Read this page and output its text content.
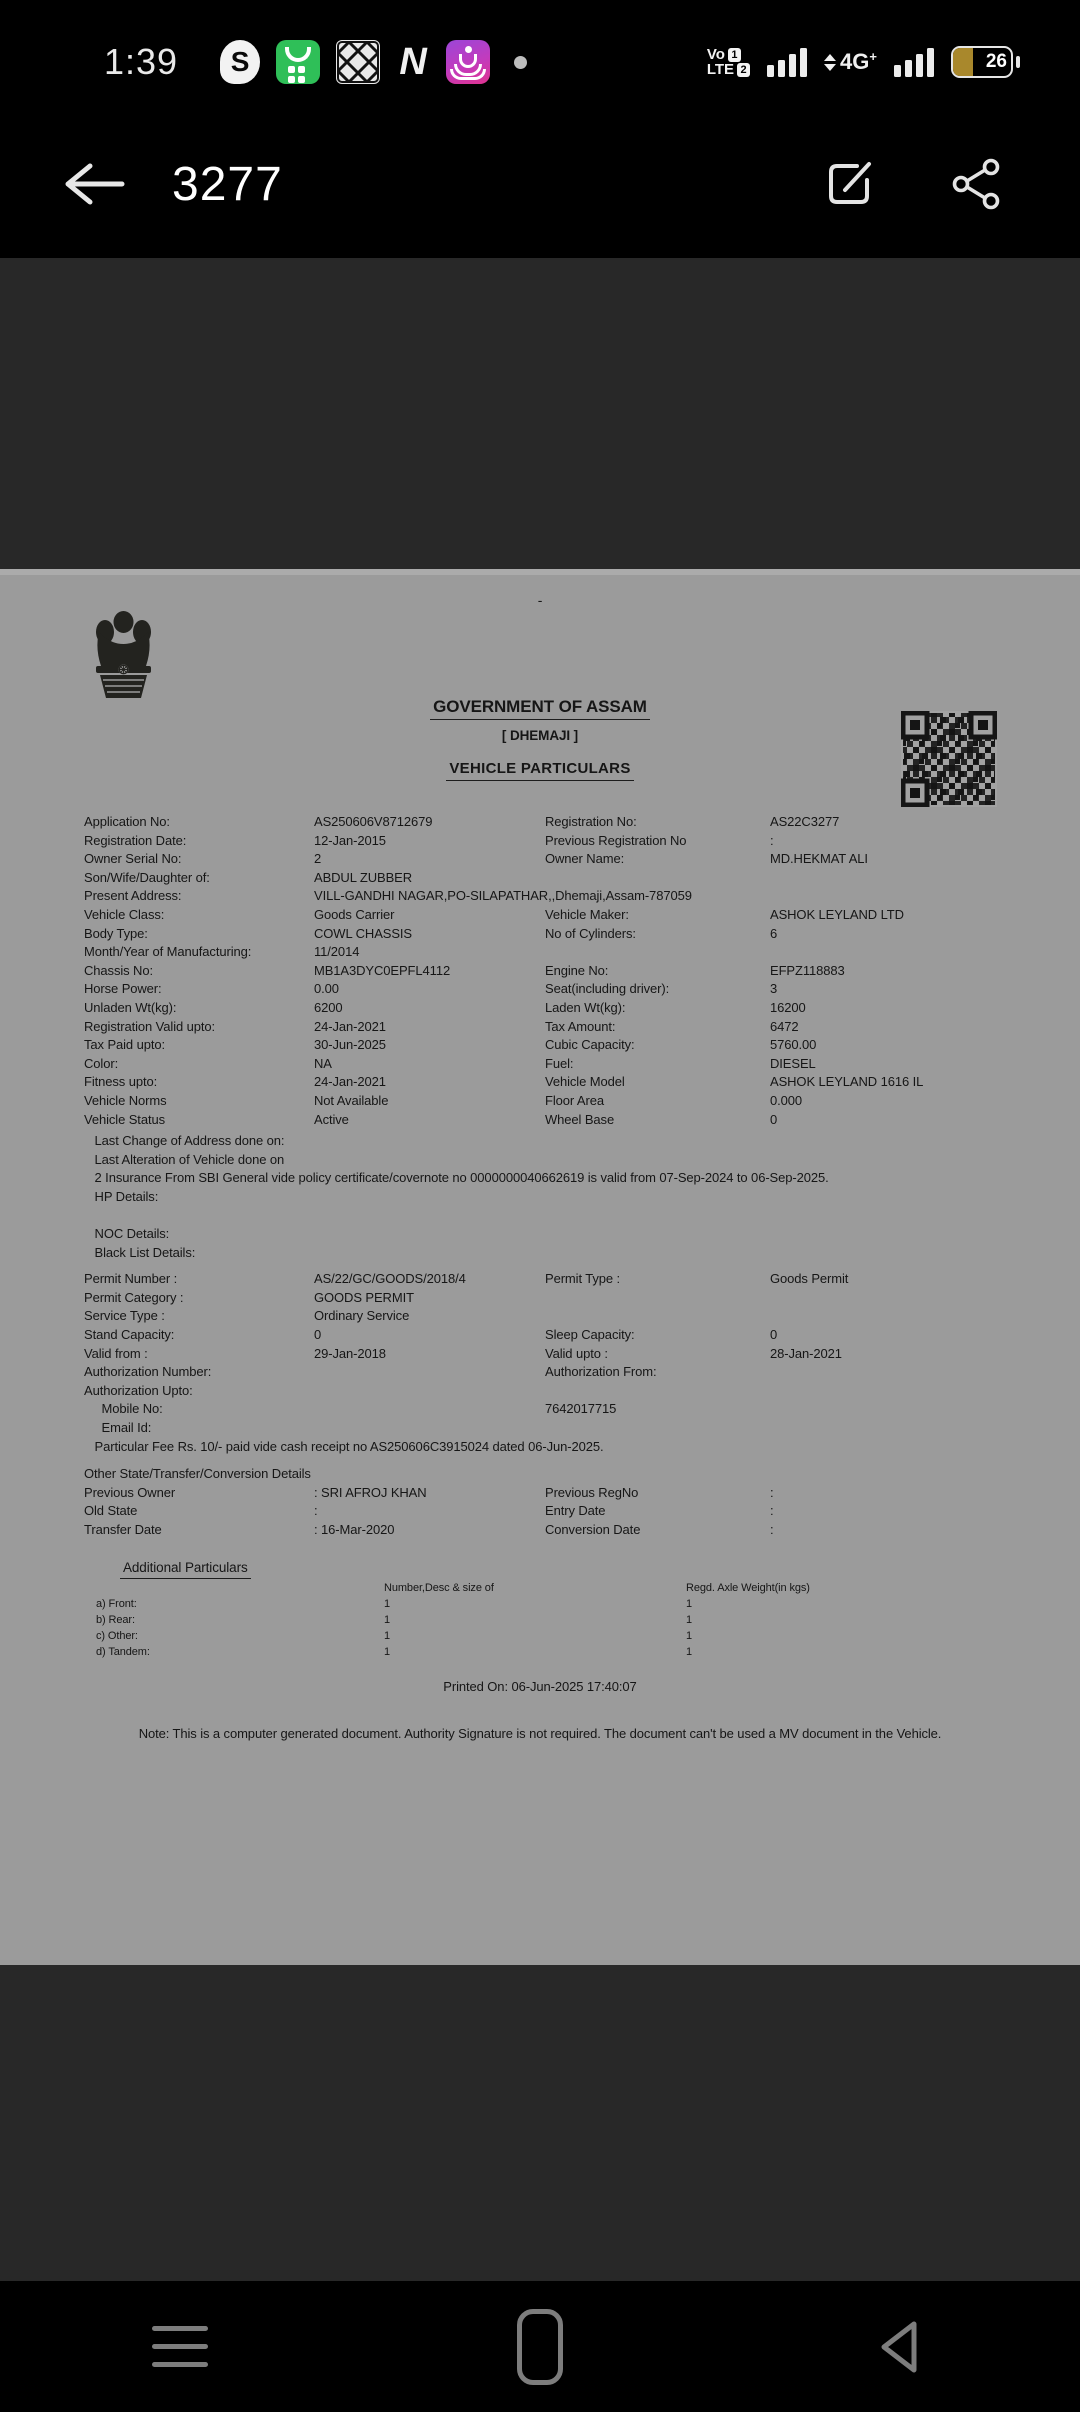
1:39	S	N	Vo 1
LTE 2	4G+	26
3277

-

GOVERNMENT OF ASSAM

[ DHEMAJI ]

VEHICLE PARTICULARS

Application No:	AS250606V8712679	Registration No:	AS22C3277
Registration Date:	12-Jan-2015	Previous Registration No	:
Owner Serial No:	2	Owner Name:	MD.HEKMAT ALI
Son/Wife/Daughter of:	ABDUL ZUBBER
Present Address:	VILL-GANDHI NAGAR,PO-SILAPATHAR,,Dhemaji,Assam-787059
Vehicle Class:	Goods Carrier	Vehicle Maker:	ASHOK LEYLAND LTD
Body Type:	COWL CHASSIS	No of Cylinders:	6
Month/Year of Manufacturing:	11/2014
Chassis No:	MB1A3DYC0EPFL4112	Engine No:	EFPZ118883
Horse Power:	0.00	Seat(including driver):	3
Unladen Wt(kg):	6200	Laden Wt(kg):	16200
Registration Valid upto:	24-Jan-2021	Tax Amount:	6472
Tax Paid upto:	30-Jun-2025	Cubic Capacity:	5760.00
Color:	NA	Fuel:	DIESEL
Fitness upto:	24-Jan-2021	Vehicle Model	ASHOK LEYLAND 1616 IL
Vehicle Norms	Not Available	Floor Area	0.000
Vehicle Status	Active	Wheel Base	0
Last Change of Address done on:
Last Alteration of Vehicle done on
2 Insurance From SBI General vide policy certificate/covernote no 0000000040662619 is valid from 07-Sep-2024 to 06-Sep-2025.
HP Details:
NOC Details:
Black List Details:
Permit Number :	AS/22/GC/GOODS/2018/4	Permit Type :	Goods Permit
Permit Category :	GOODS PERMIT
Service Type :	Ordinary Service
Stand Capacity:	0	Sleep Capacity:	0
Valid from :	29-Jan-2018	Valid upto :	28-Jan-2021
Authorization Number:	Authorization From:
Authorization Upto:
Mobile No:	7642017715
Email Id:
Particular Fee Rs. 10/- paid vide cash receipt no AS250606C3915024 dated 06-Jun-2025.
Other State/Transfer/Conversion Details
Previous Owner	: SRI AFROJ KHAN	Previous RegNo	:
Old State	:	Entry Date	:
Transfer Date	: 16-Mar-2020	Conversion Date	:

Additional Particulars

Number,Desc & size of	Regd. Axle Weight(in kgs)
a) Front:	1	1
b) Rear:	1	1
c) Other:	1	1
d) Tandem:	1	1

Printed On: 06-Jun-2025 17:40:07

Note: This is a computer generated document. Authority Signature is not required. The document can't be used a MV document in the Vehicle.
